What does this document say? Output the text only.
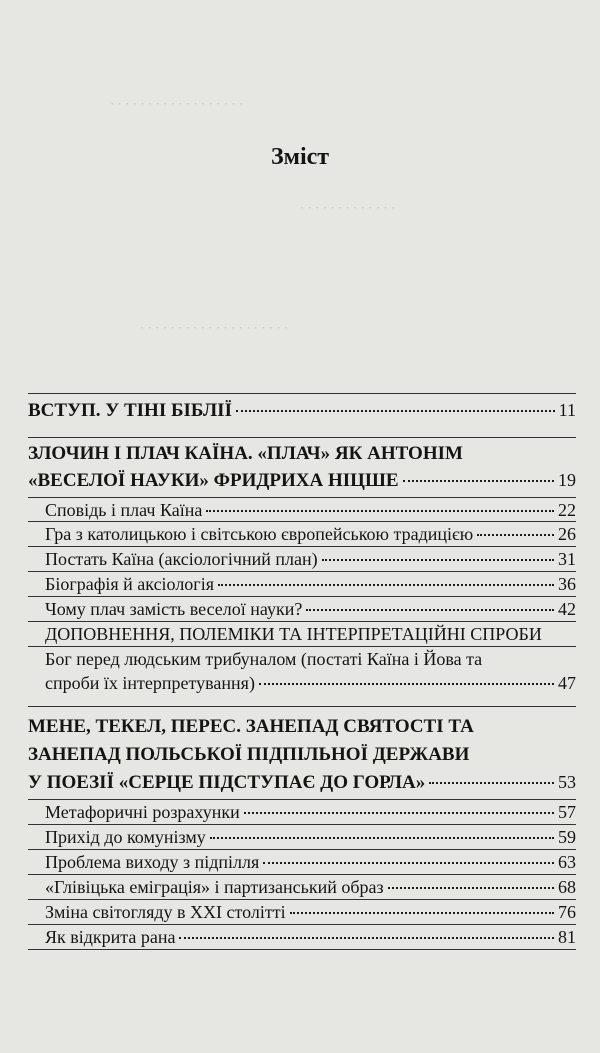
· · · · · · · · · · · · · · · · · ·
· · · · · · · · · · · · ·
· · · · · · · · · · · · · · · · · · · ·
Зміст
ВСТУП. У ТІНІ БІБЛІЇ	11
ЗЛОЧИН І ПЛАЧ КАЇНА. «ПЛАЧ» ЯК АНТОНІМ
«ВЕСЕЛОЇ НАУКИ» ФРИДРИХА НІЦШЕ	19
Сповідь і плач Каїна	22
Гра з католицькою і світською європейською традицією	26
Постать Каїна (аксіологічний план)	31
Біографія й аксіологія	36
Чому плач замість веселої науки?	42
ДОПОВНЕННЯ, ПОЛЕМІКИ ТА ІНТЕРПРЕТАЦІЙНІ СПРОБИ
Бог перед людським трибуналом (постаті Каїна і Йова та
спроби їх інтерпретування)	47
МЕНЕ, ТЕКЕЛ, ПЕРЕС. ЗАНЕПАД СВЯТОСТІ ТА
ЗАНЕПАД ПОЛЬСЬКОЇ ПІДПІЛЬНОЇ ДЕРЖАВИ
У ПОЕЗІЇ «СЕРЦЕ ПІДСТУПАЄ ДО ГОРЛА»	53
Метафоричні розрахунки	57
Прихід до комунізму	59
Проблема виходу з підпілля	63
«Глівіцька еміграція» і партизанський образ	68
Зміна світогляду в ХХІ столітті	76
Як відкрита рана	81
